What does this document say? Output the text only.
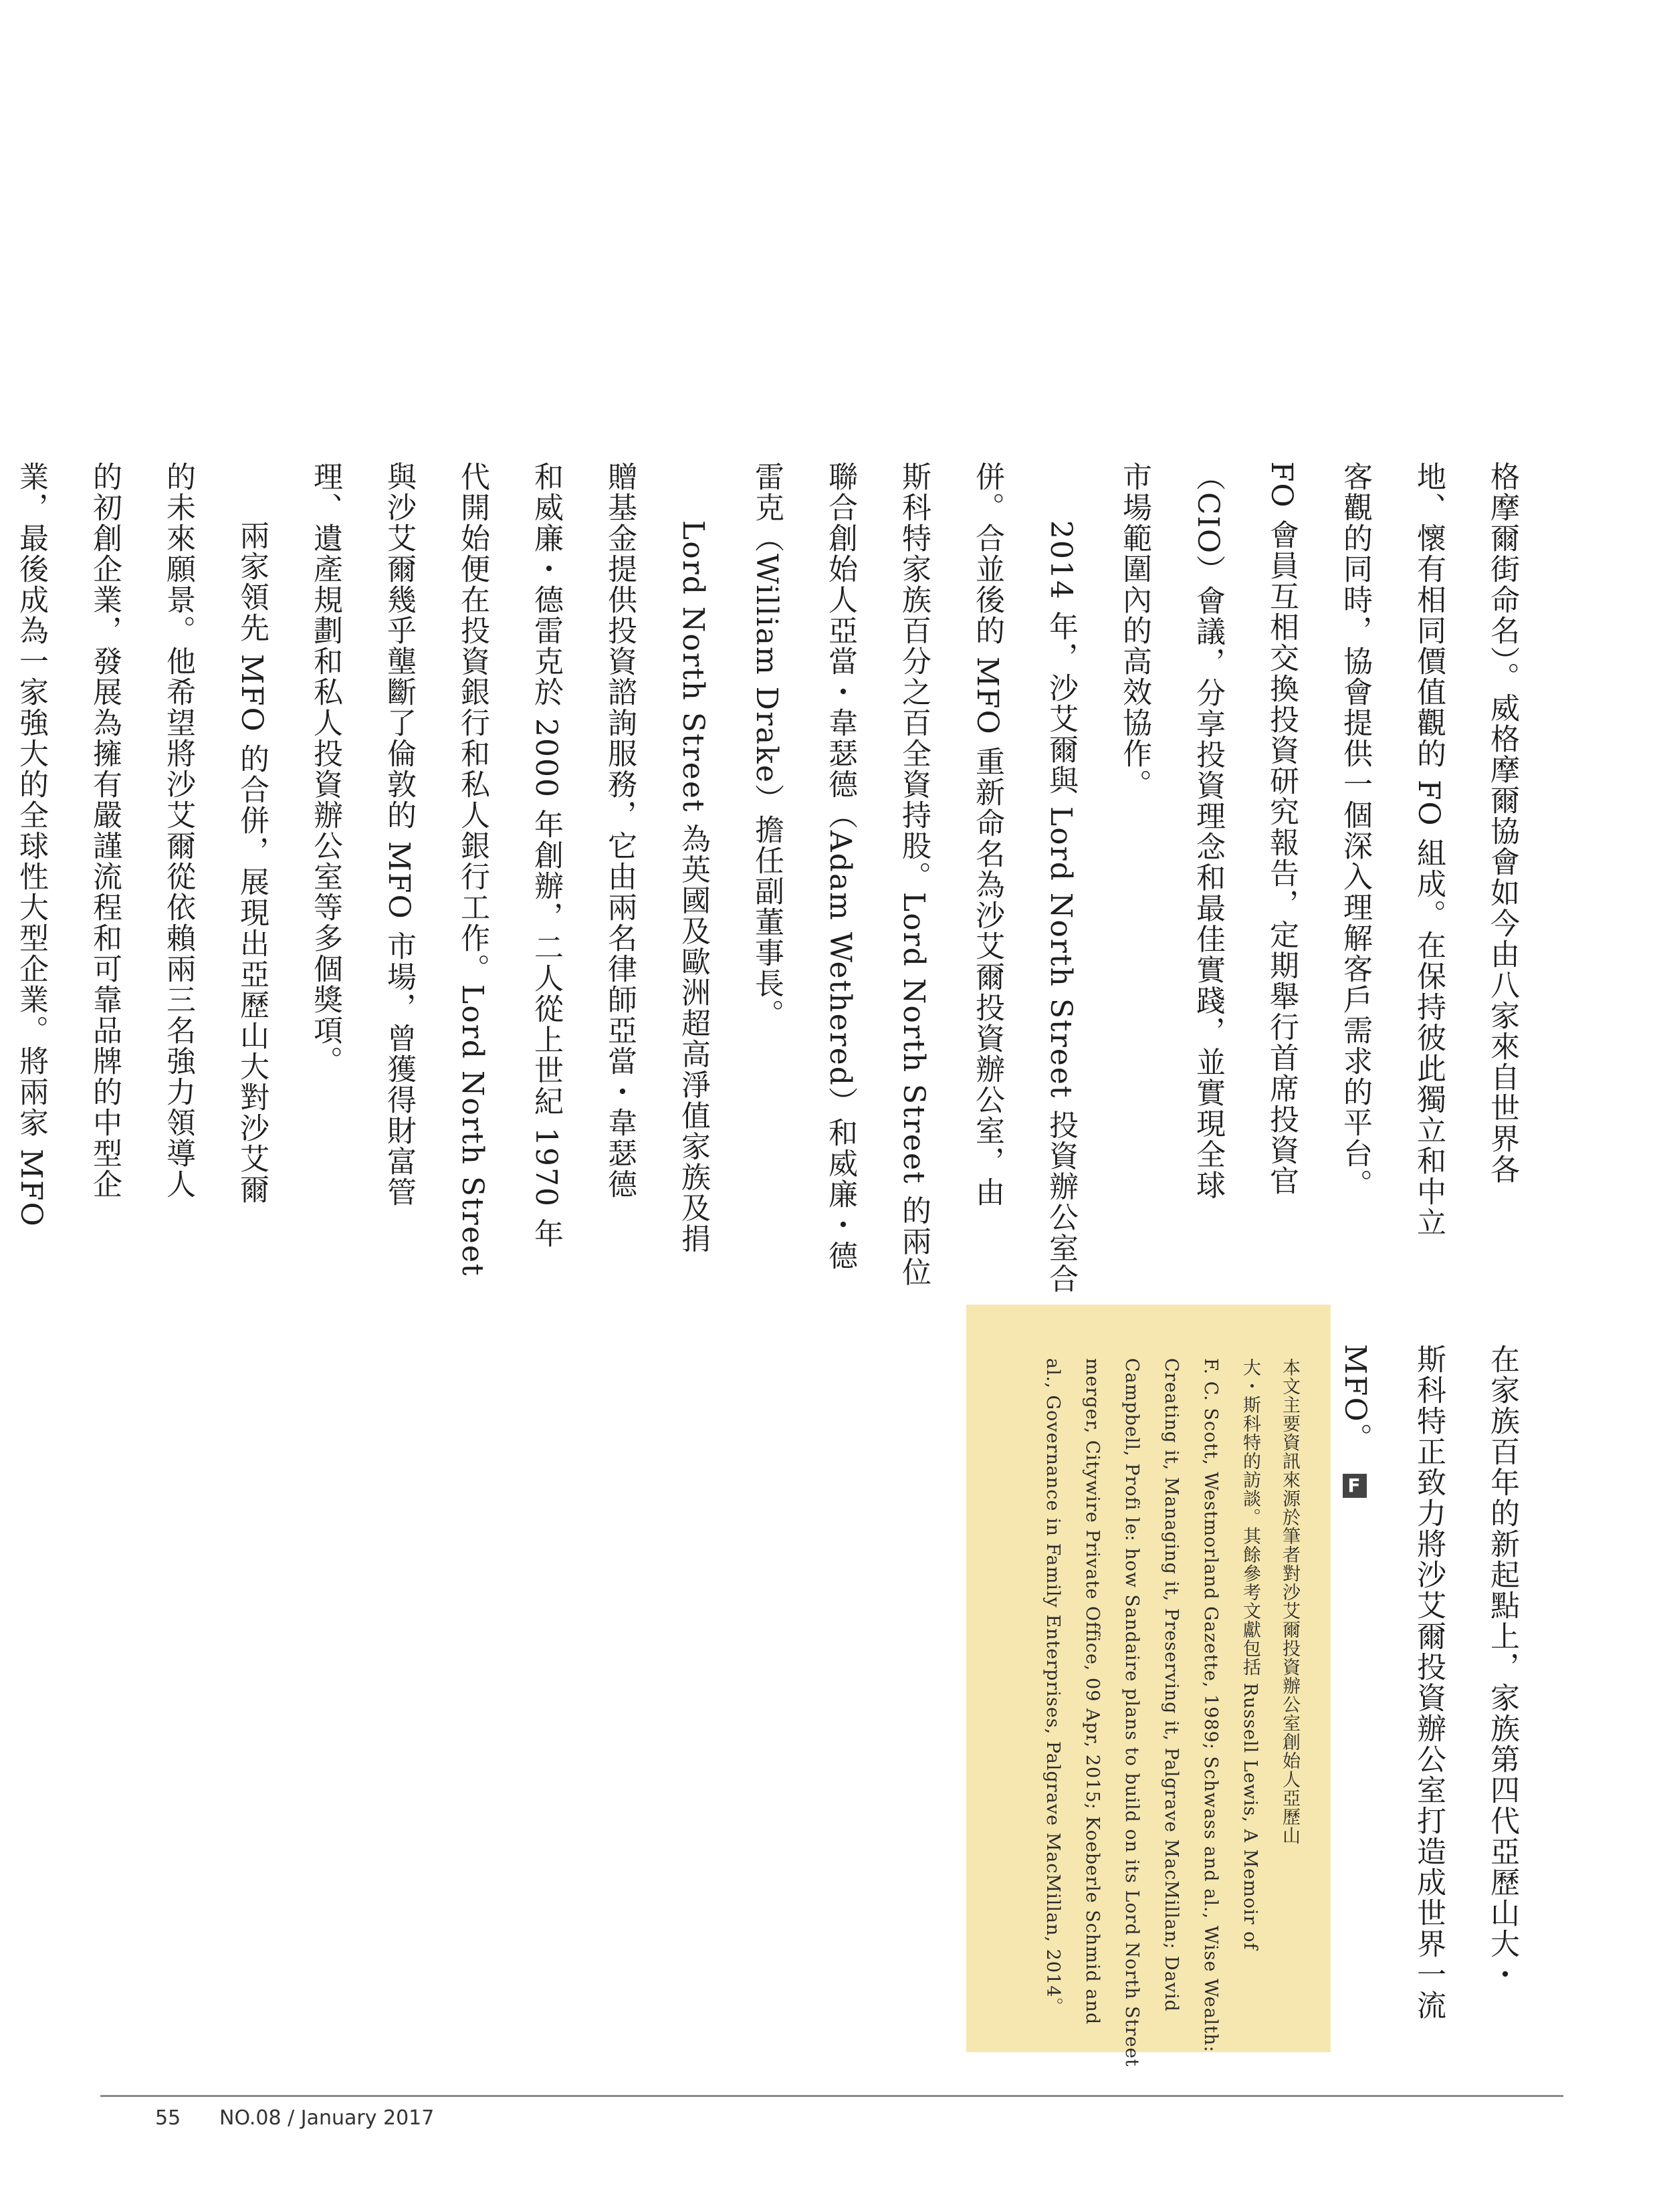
格摩爾街命名）。威格摩爾協會如今由八家來自世界各
地、懷有相同價值觀的 FO 組成。在保持彼此獨立和中立
客觀的同時，協會提供一個深入理解客戶需求的平台。
FO 會員互相交換投資研究報告，定期舉行首席投資官
（CIO）會議，分享投資理念和最佳實踐，並實現全球
市場範圍內的高效協作。
2014 年，沙艾爾與 Lord North Street 投資辦公室合
併。合並後的 MFO 重新命名為沙艾爾投資辦公室，由
斯科特家族百分之百全資持股。Lord North Street 的兩位
聯合創始人亞當・韋瑟德（Adam Wethered）和威廉・德
雷克（William Drake）擔任副董事長。
Lord North Street 為英國及歐洲超高淨值家族及捐
贈基金提供投資諮詢服務，它由兩名律師亞當・韋瑟德
和威廉・德雷克於 2000 年創辦，二人從上世紀 1970 年
代開始便在投資銀行和私人銀行工作。Lord North Street
與沙艾爾幾乎壟斷了倫敦的 MFO 市場，曾獲得財富管
理、遺產規劃和私人投資辦公室等多個獎項。
兩家領先 MFO 的合併，展現出亞歷山大對沙艾爾
的未來願景。他希望將沙艾爾從依賴兩三名強力領導人
的初創企業，發展為擁有嚴謹流程和可靠品牌的中型企
業，最後成為一家強大的全球性大型企業。將兩家 MFO
在家族百年的新起點上，家族第四代亞歷山大・
斯科特正致力將沙艾爾投資辦公室打造成世界一流
MFO。 F
本文主要資訊來源於筆者對沙艾爾投資辦公室創始人亞歷山
大・斯科特的訪談。其餘參考文獻包括 Russell Lewis, A Memoir of
F. C. Scott, Westmorland Gazette, 1989; Schwass and al., Wise Wealth:
Creating it, Managing it, Preserving it, Palgrave MacMillan; David
Campbell, Profi le: how Sandaire plans to build on its Lord North Street
merger, Citywire Private Office, 09 Apr, 2015; Koeberle Schmid and
al., Governance in Family Enterprises, Palgrave MacMillan, 2014。
55 NO.08 / January 2017
